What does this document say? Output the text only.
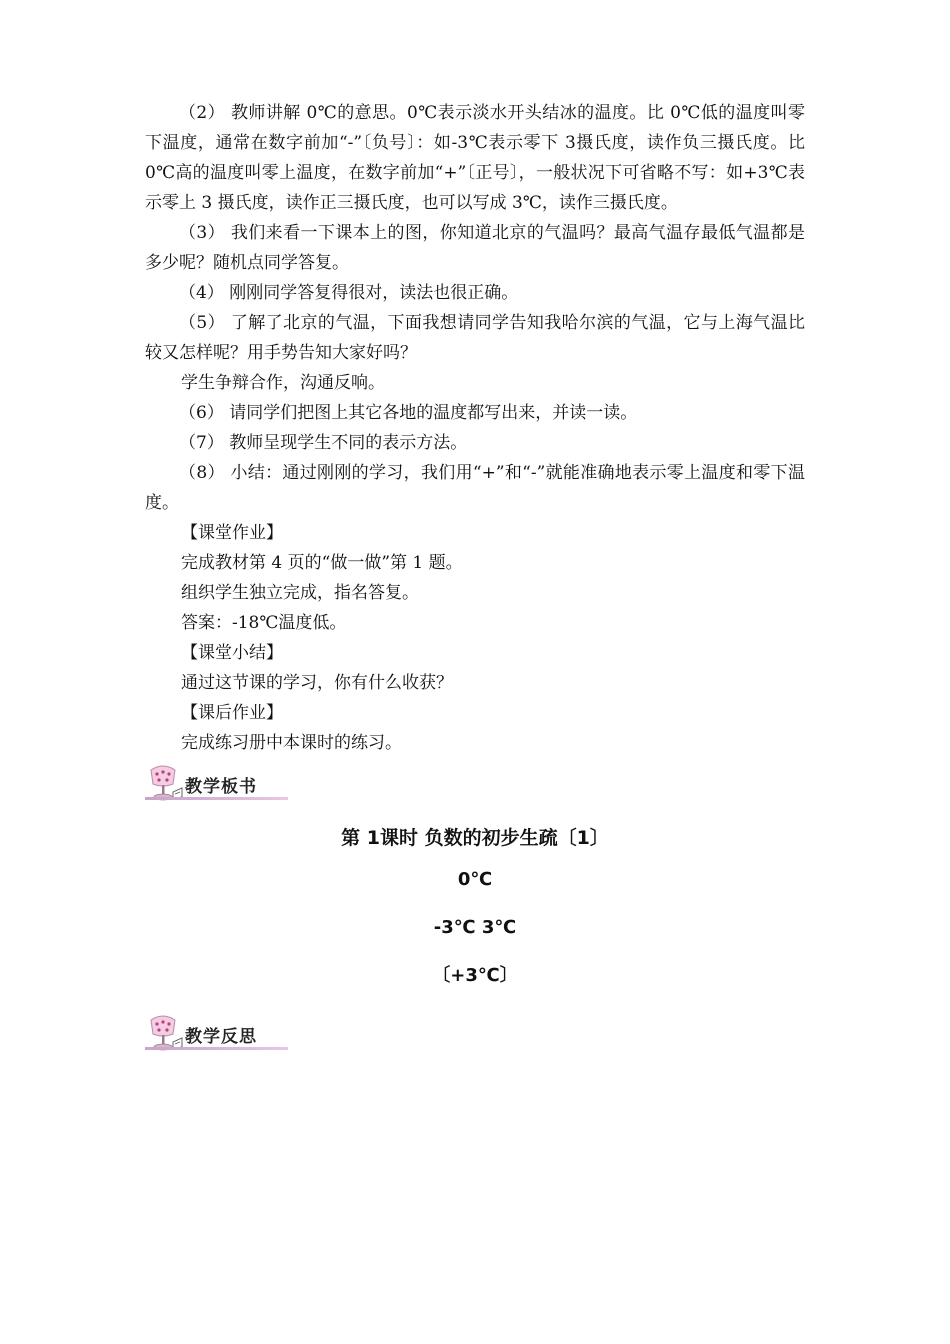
（2） 教师讲解 0℃的意思。0℃表示淡水开头结冰的温度。比 0℃低的温度叫零下温度，通常在数字前加“-”〔负号〕：如-3℃表示零下 3摄氏度，读作负三摄氏度。比 0℃高的温度叫零上温度，在数字前加“+”〔正号〕，一般状况下可省略不写：如+3℃表示零上 3 摄氏度，读作正三摄氏度，也可以写成 3℃，读作三摄氏度。

（3） 我们来看一下课本上的图，你知道北京的气温吗？最高气温存最低气温都是多少呢？随机点同学答复。

（4） 刚刚同学答复得很对，读法也很正确。

（5） 了解了北京的气温，下面我想请同学告知我哈尔滨的气温，它与上海气温比较又怎样呢？用手势告知大家好吗？

学生争辩合作，沟通反响。

（6） 请同学们把图上其它各地的温度都写出来，并读一读。

（7） 教师呈现学生不同的表示方法。

（8） 小结：通过刚刚的学习，我们用“+”和“-”就能准确地表示零上温度和零下温度。

【课堂作业】

完成教材第 4 页的“做一做”第 1 题。

组织学生独立完成，指名答复。

答案：-18℃温度低。

【课堂小结】

通过这节课的学习，你有什么收获？

【课后作业】

完成练习册中本课时的练习。

教学板书
第 1课时 负数的初步生疏〔1〕
0℃
-3℃ 3℃
〔+3℃〕
教学反思
